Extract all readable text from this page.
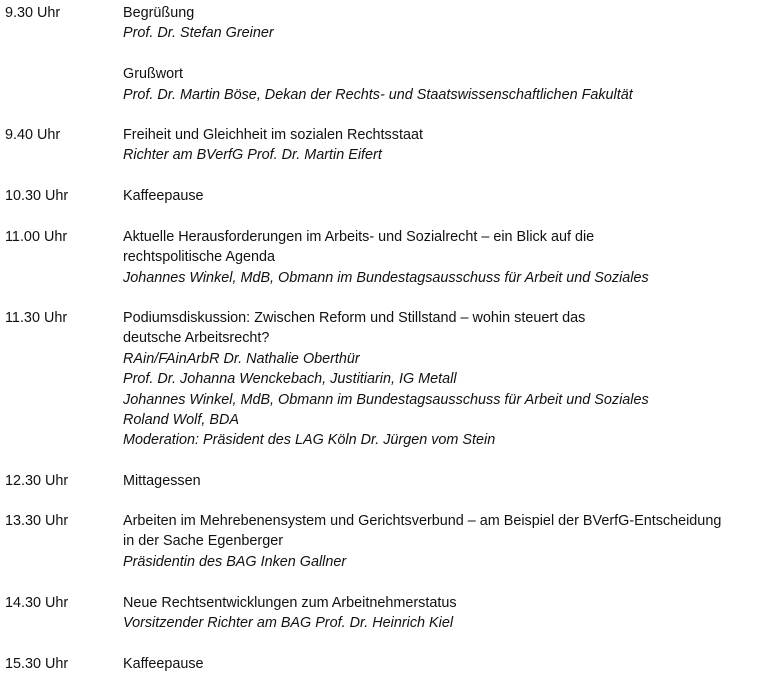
9.30 Uhr	Begrüßung
Prof. Dr. Stefan Greiner
Grußwort
Prof. Dr. Martin Böse, Dekan der Rechts- und Staatswissenschaftlichen Fakultät
9.40 Uhr	Freiheit und Gleichheit im sozialen Rechtsstaat
Richter am BVerfG Prof. Dr. Martin Eifert
10.30 Uhr	Kaffeepause
11.00 Uhr	Aktuelle Herausforderungen im Arbeits- und Sozialrecht – ein Blick auf die
rechtspolitische Agenda
Johannes Winkel, MdB, Obmann im Bundestagsausschuss für Arbeit und Soziales
11.30 Uhr	Podiumsdiskussion: Zwischen Reform und Stillstand – wohin steuert das
deutsche Arbeitsrecht?
RAin/FAinArbR Dr. Nathalie Oberthür
Prof. Dr. Johanna Wenckebach, Justitiarin, IG Metall
Johannes Winkel, MdB, Obmann im Bundestagsausschuss für Arbeit und Soziales
Roland Wolf, BDA
Moderation: Präsident des LAG Köln Dr. Jürgen vom Stein
12.30 Uhr	Mittagessen
13.30 Uhr	Arbeiten im Mehrebenensystem und Gerichtsverbund – am Beispiel der BVerfG-Entscheidung
in der Sache Egenberger
Präsidentin des BAG Inken Gallner
14.30 Uhr	Neue Rechtsentwicklungen zum Arbeitnehmerstatus
Vorsitzender Richter am BAG Prof. Dr. Heinrich Kiel
15.30 Uhr	Kaffeepause
